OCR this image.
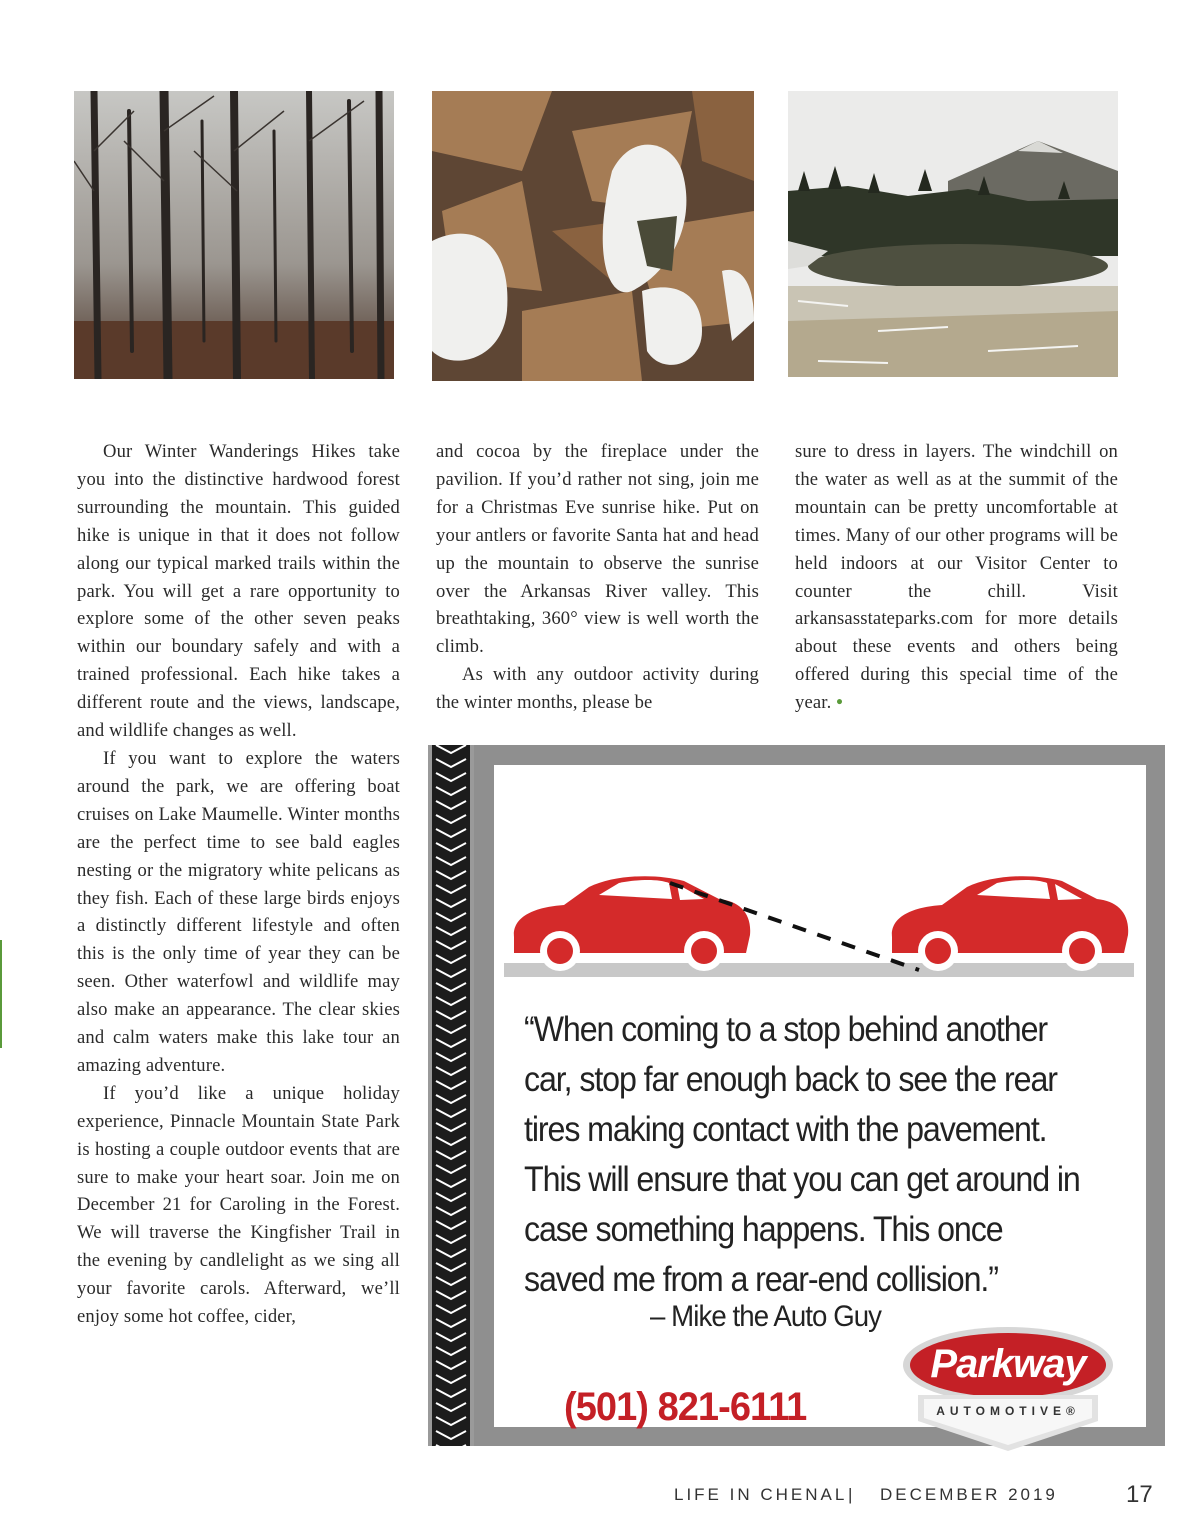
Our Winter Wanderings Hikes take you into the distinctive hardwood forest surrounding the mountain. This guided hike is unique in that it does not follow along our typical marked trails within the park. You will get a rare opportunity to explore some of the other seven peaks within our boundary safely and with a trained professional. Each hike takes a different route and the views, landscape, and wildlife changes as well.

If you want to explore the waters around the park, we are offering boat cruises on Lake Maumelle. Winter months are the perfect time to see bald eagles nesting or the migratory white pelicans as they fish. Each of these large birds enjoys a distinctly different lifestyle and often this is the only time of year they can be seen. Other waterfowl and wildlife may also make an appearance. The clear skies and calm waters make this lake tour an amazing adventure.

If you’d like a unique holiday experience, Pinnacle Mountain State Park is hosting a couple outdoor events that are sure to make your heart soar. Join me on December 21 for Caroling in the Forest. We will traverse the Kingfisher Trail in the evening by candlelight as we sing all your favorite carols. Afterward, we’ll enjoy some hot coffee, cider,

and cocoa by the fireplace under the pavilion. If you’d rather not sing, join me for a Christmas Eve sunrise hike. Put on your antlers or favorite Santa hat and head up the mountain to observe the sunrise over the Arkansas River valley. This breathtaking, 360° view is well worth the climb.

As with any outdoor activity during the winter months, please be

sure to dress in layers. The windchill on the water as well as at the summit of the mountain can be pretty uncomfortable at times. Many of our other programs will be held indoors at our Visitor Center to counter the chill. Visit arkansasstateparks.com for more details about these events and others being offered during this special time of the year. •

“When coming to a stop behind another car, stop far enough back to see the rear tires making contact with the pavement. This will ensure that you can get around in case something happens. This once saved me from a rear-end collision.”

– Mike the Auto Guy
(501) 821-6111
Parkway
AUTOMOTIVE®
LIFE IN CHENAL | DECEMBER 2019	17
